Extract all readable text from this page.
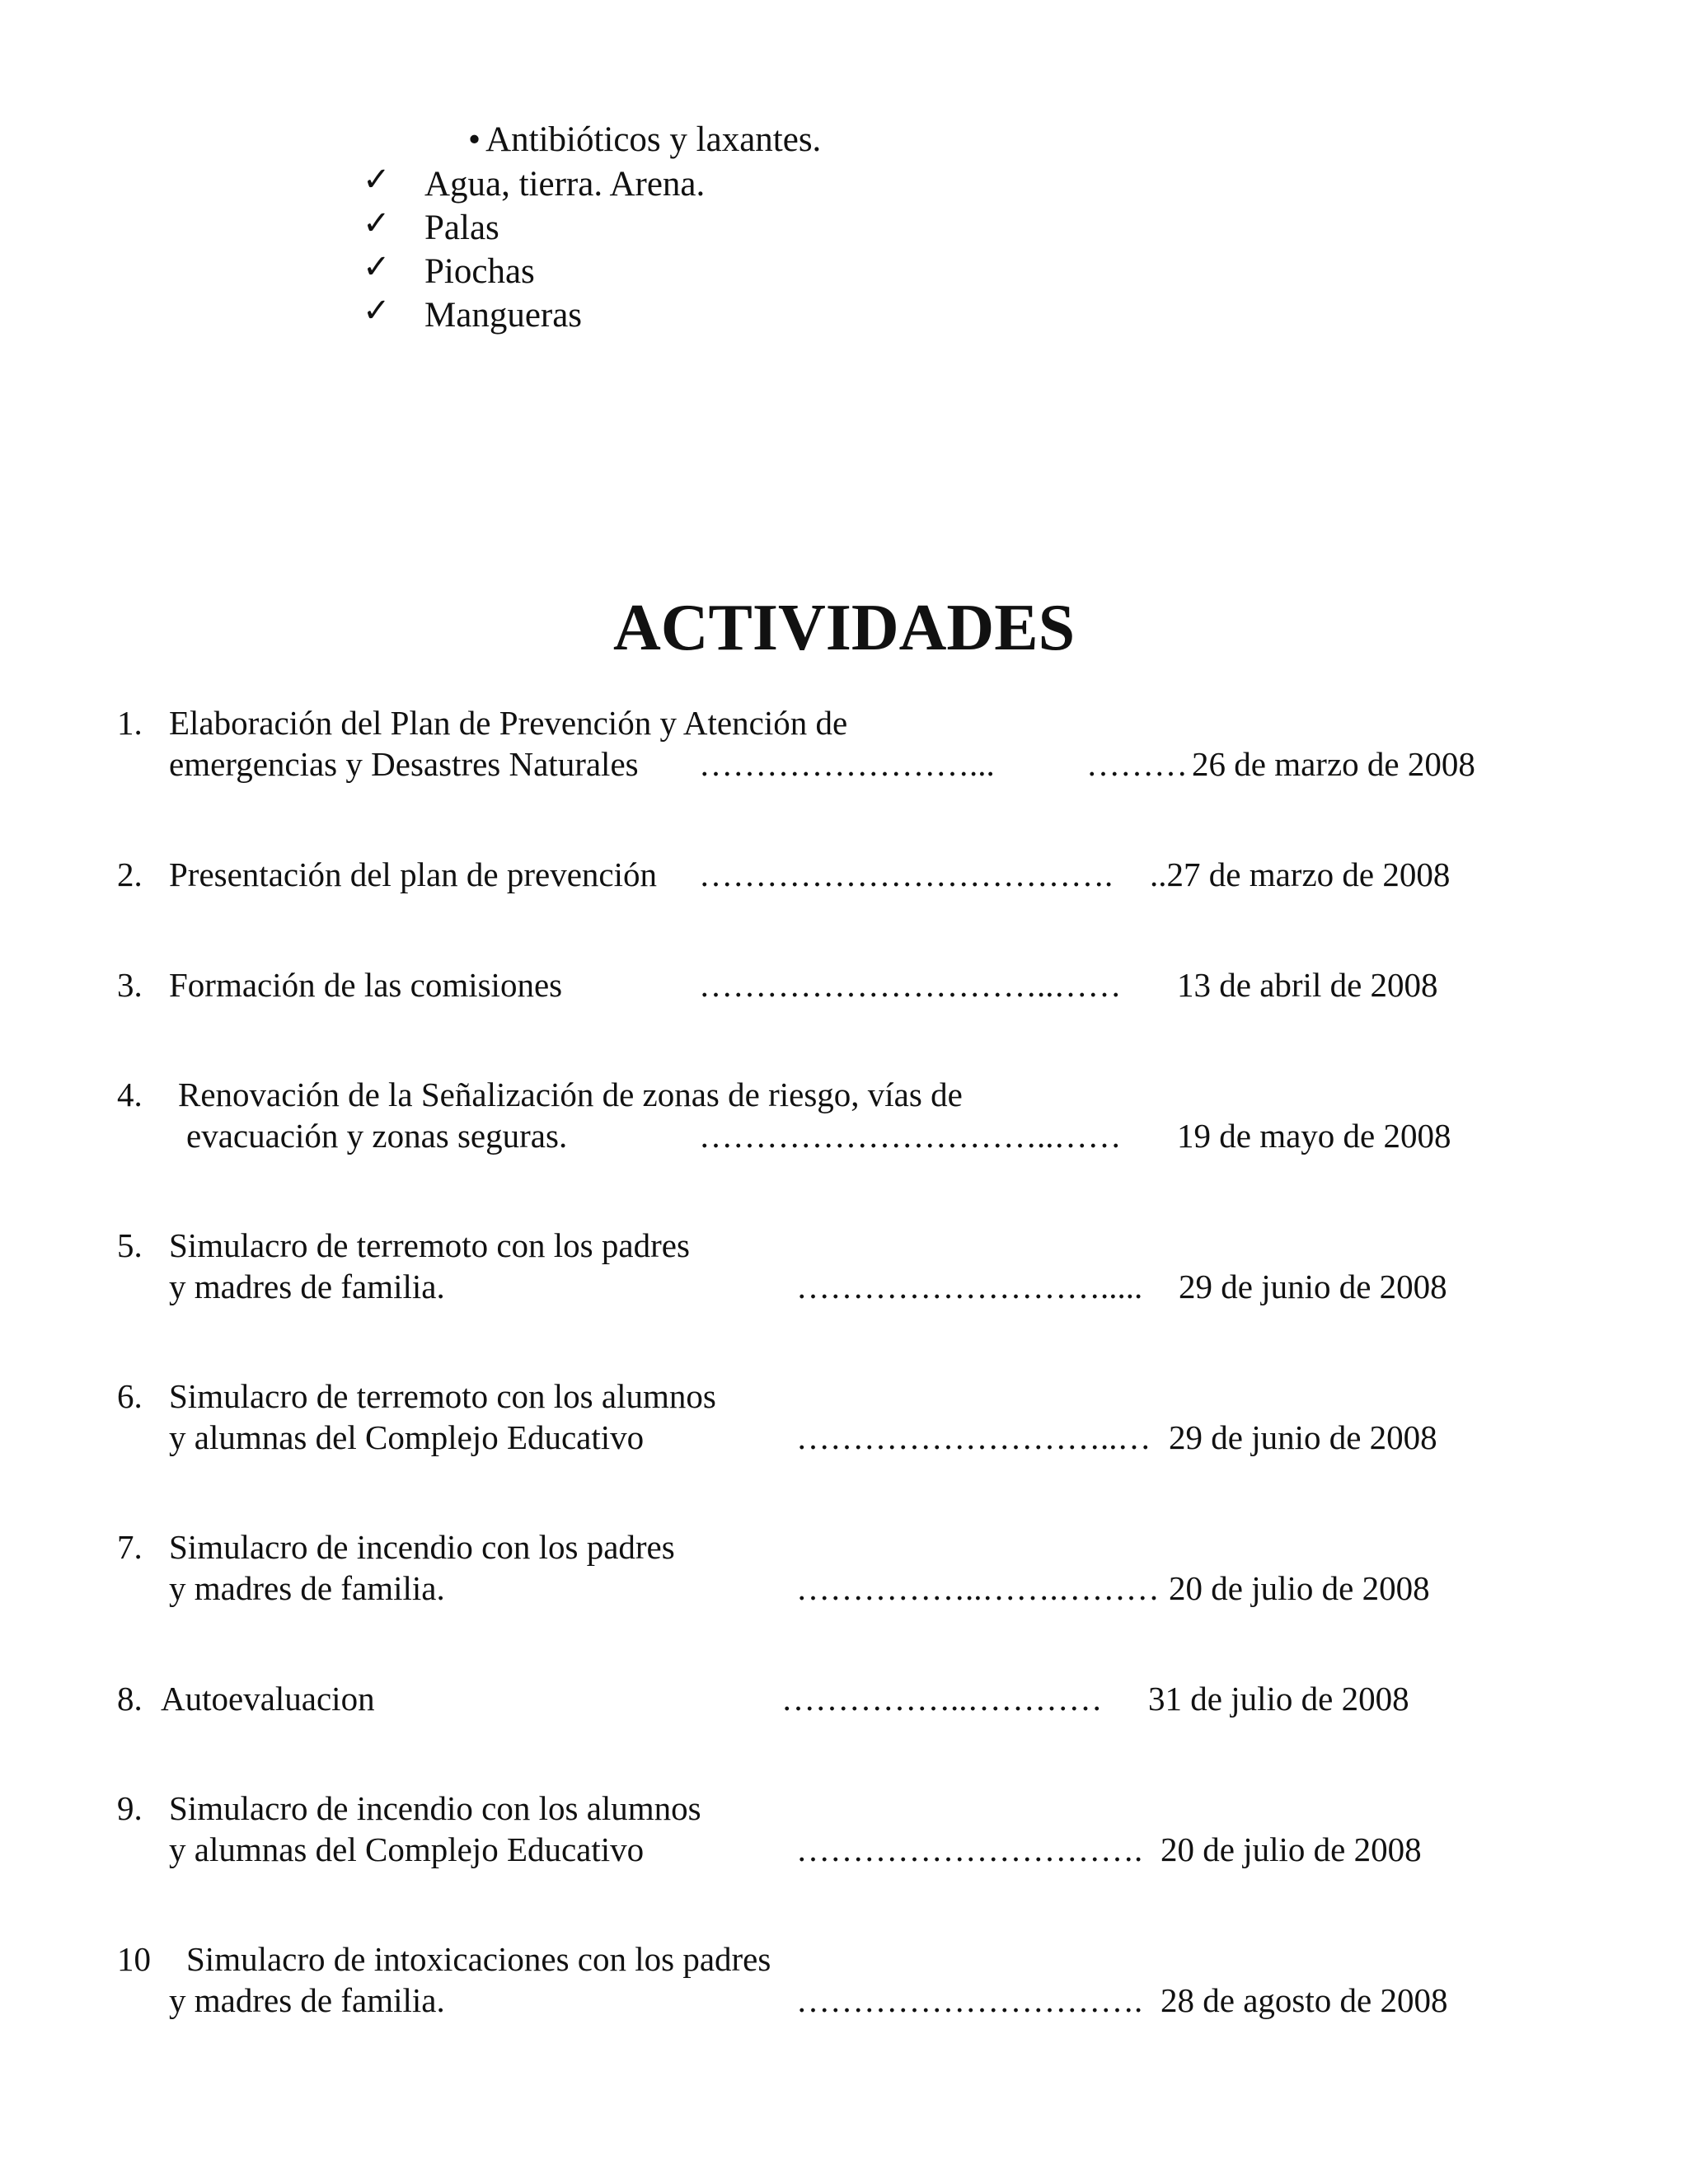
• Antibióticos y laxantes.
✓ Agua, tierra. Arena.
✓ Palas
✓ Piochas
✓ Mangueras
ACTIVIDADES
1. Elaboración del Plan de Prevención y Atención de
emergencias y Desastres Naturales ……………………...	……… 26 de marzo de 2008
2. Presentación del plan de prevención ………………………………. ..27 de marzo de 2008
3. Formación de las comisiones	…………………………..…… 13 de abril de 2008
4. Renovación de la Señalización de zonas de riesgo, vías de
evacuación y zonas seguras.	…………………………..…… 19 de mayo de 2008
5. Simulacro de terremoto con los padres
y madres de familia.	………………………..... 29 de junio de 2008
6. Simulacro de terremoto con los alumnos
y alumnas del Complejo Educativo	………………………..… 29 de junio de 2008
7. Simulacro de incendio con los padres
y madres de familia.	……………..…….……… 20 de julio de 2008
8. Autoevaluacion	……………..………… 31 de julio de 2008
9. Simulacro de incendio con los alumnos
y alumnas del Complejo Educativo	…………………………. 20 de julio de 2008
10 Simulacro de intoxicaciones con los padres
y madres de familia.	…………………………. 28 de agosto de 2008
